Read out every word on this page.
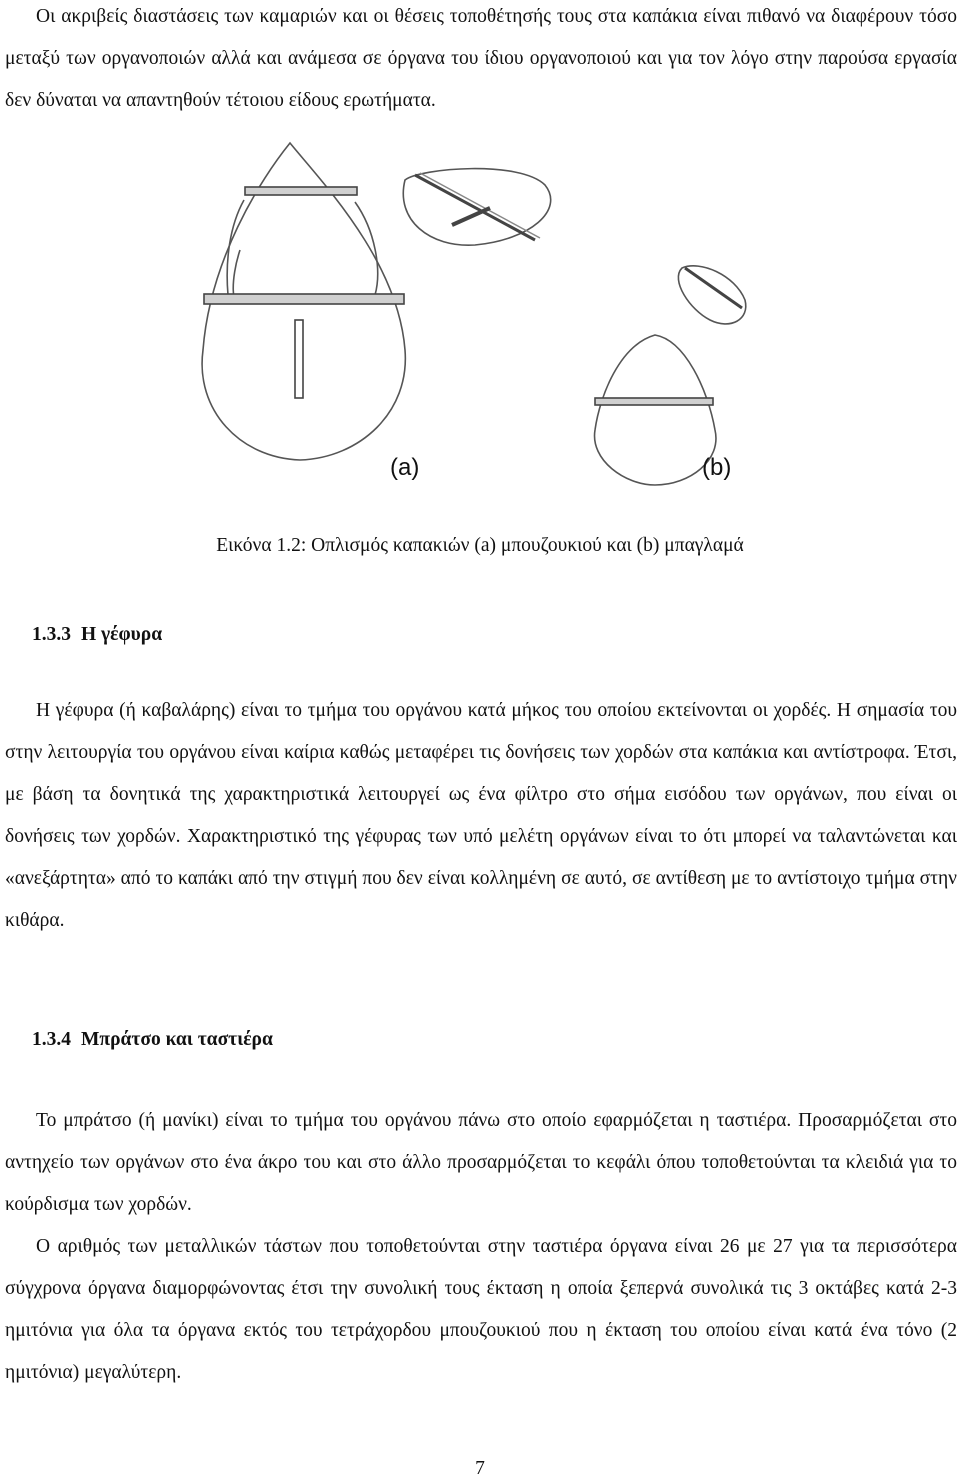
Οι ακριβείς διαστάσεις των καμαριών και οι θέσεις τοποθέτησής τους στα καπάκια είναι πιθανό να διαφέρουν τόσο μεταξύ των οργανοποιών αλλά και ανάμεσα σε όργανα του ίδιου οργανοποιού και για τον λόγο στην παρούσα εργασία δεν δύναται να απαντηθούν τέτοιου είδους ερωτήματα.

(a)	(b)
Εικόνα 1.2: Οπλισμός καπακιών (a) μπουζουκιού και (b) μπαγλαμά
1.3.3 Η γέφυρα

Η γέφυρα (ή καβαλάρης) είναι το τμήμα του οργάνου κατά μήκος του οποίου εκτείνονται οι χορδές. Η σημασία του στην λειτουργία του οργάνου είναι καίρια καθώς μεταφέρει τις δονήσεις των χορδών στα καπάκια και αντίστροφα. Έτσι, με βάση τα δονητικά της χαρακτηριστικά λειτουργεί ως ένα φίλτρο στο σήμα εισόδου των οργάνων, που είναι οι δονήσεις των χορδών. Χαρακτηριστικό της γέφυρας των υπό μελέτη οργάνων είναι το ότι μπορεί να ταλαντώνεται και «ανεξάρτητα» από το καπάκι από την στιγμή που δεν είναι κολλημένη σε αυτό, σε αντίθεση με το αντίστοιχο τμήμα στην κιθάρα.

1.3.4 Μπράτσο και ταστιέρα

Το μπράτσο (ή μανίκι) είναι το τμήμα του οργάνου πάνω στο οποίο εφαρμόζεται η ταστιέρα. Προσαρμόζεται στο αντηχείο των οργάνων στο ένα άκρο του και στο άλλο προσαρμόζεται το κεφάλι όπου τοποθετούνται τα κλειδιά για το κούρδισμα των χορδών.

Ο αριθμός των μεταλλικών τάστων που τοποθετούνται στην ταστιέρα όργανα είναι 26 με 27 για τα περισσότερα σύγχρονα όργανα διαμορφώνοντας έτσι την συνολική τους έκταση η οποία ξεπερνά συνολικά τις 3 οκτάβες κατά 2-3 ημιτόνια για όλα τα όργανα εκτός του τετράχορδου μπουζουκιού που η έκταση του οποίου είναι κατά ένα τόνο (2 ημιτόνια) μεγαλύτερη.

7
